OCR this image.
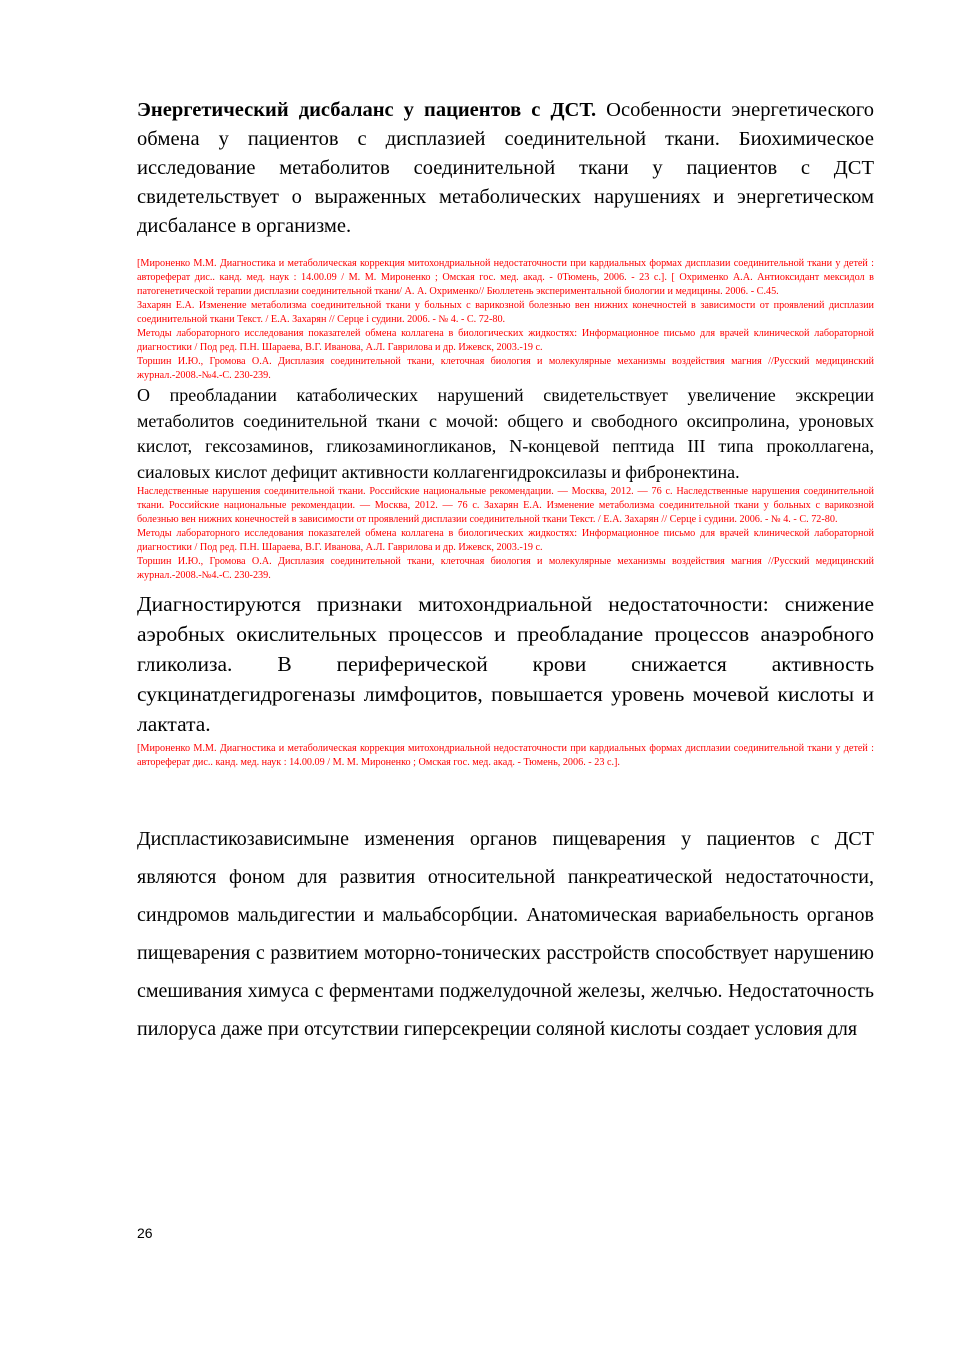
Энергетический дисбаланс у пациентов с ДСТ. Особенности энергетического обмена у пациентов с дисплазией соединительной ткани. Биохимическое исследование метаболитов соединительной ткани у пациентов с ДСТ свидетельствует о выраженных метаболических нарушениях и энергетическом дисбалансе в организме.

[Мироненко М.М. Диагностика и метаболическая коррекция митохондриальной недостаточности при кардиальных формах дисплазии соединительной ткани у детей : автореферат дис.. канд. мед. наук : 14.00.09 / М. М. Мироненко ; Омская гос. мед. акад. - 0Тюмень, 2006. - 23 с.]. [ Охрименко А.А. Антиоксидант мексидол в патогенетической терапии дисплазии соединительной ткани/ А. А. Охрименко// Бюллетень экспериментальной биологии и медицины. 2006. - С.45.

Захарян Е.А. Изменение метаболизма соединительной ткани у больных с варикозной болезнью вен нижних конечностей в зависимости от проявлений дисплазии соединительной ткани Текст. / Е.А. Захарян // Серце і судини. 2006. - № 4. - С. 72-80.

Методы лабораторного исследования показателей обмена коллагена в биологических жидкостях: Информационное письмо для врачей клинической лабораторной диагностики / Под ред. П.Н. Шараева, В.Г. Иванова, А.Л. Гаврилова и др. Ижевск, 2003.-19 с.

Торшин И.Ю., Громова О.А. Дисплазия соединительной ткани, клеточная биология и молекулярные механизмы воздействия магния //Русский медицинский журнал.-2008.-№4.-С. 230-239.

О преобладании катаболических нарушений свидетельствует увеличение экскреции метаболитов соединительной ткани с мочой: общего и свободного оксипролина, уроновых кислот, гексозаминов, гликозаминогликанов, N-концевой пептида III типа проколлагена, сиаловых кислот дефицит активности коллагенгидроксилазы и фибронектина.

Наследственные нарушения соединительной ткани. Российские национальные рекомендации. — Москва, 2012. — 76 с. Наследственные нарушения соединительной ткани. Российские национальные рекомендации. — Москва, 2012. — 76 с. Захарян Е.А. Изменение метаболизма соединительной ткани у больных с варикозной болезнью вен нижних конечностей в зависимости от проявлений дисплазии соединительной ткани Текст. / Е.А. Захарян // Серце і судини. 2006. - № 4. - С. 72-80.

Методы лабораторного исследования показателей обмена коллагена в биологических жидкостях: Информационное письмо для врачей клинической лабораторной диагностики / Под ред. П.Н. Шараева, В.Г. Иванова, А.Л. Гаврилова и др. Ижевск, 2003.-19 с.

Торшин И.Ю., Громова О.А. Дисплазия соединительной ткани, клеточная биология и молекулярные механизмы воздействия магния //Русский медицинский журнал.-2008.-№4.-С. 230-239.

Диагностируются признаки митохондриальной недостаточности: снижение аэробных окислительных процессов и преобладание процессов анаэробного гликолиза. В периферической крови снижается активность сукцинатдегидрогеназы лимфоцитов, повышается уровень мочевой кислоты и лактата.

[Мироненко М.М. Диагностика и метаболическая коррекция митохондриальной недостаточности при кардиальных формах дисплазии соединительной ткани у детей : автореферат дис.. канд. мед. наук : 14.00.09 / М. М. Мироненко ; Омская гос. мед. акад. - Тюмень, 2006. - 23 с.].

Диспластикозависимыне изменения органов пищеварения у пациентов с ДСТ являются фоном для развития относительной панкреатической недостаточности, синдромов мальдигестии и мальабсорбции. Анатомическая вариабельность органов пищеварения с развитием моторно-тонических расстройств способствует нарушению смешивания химуса с ферментами поджелудочной железы, желчью. Недостаточность пилоруса даже при отсутствии гиперсекреции соляной кислоты создает условия для

26
